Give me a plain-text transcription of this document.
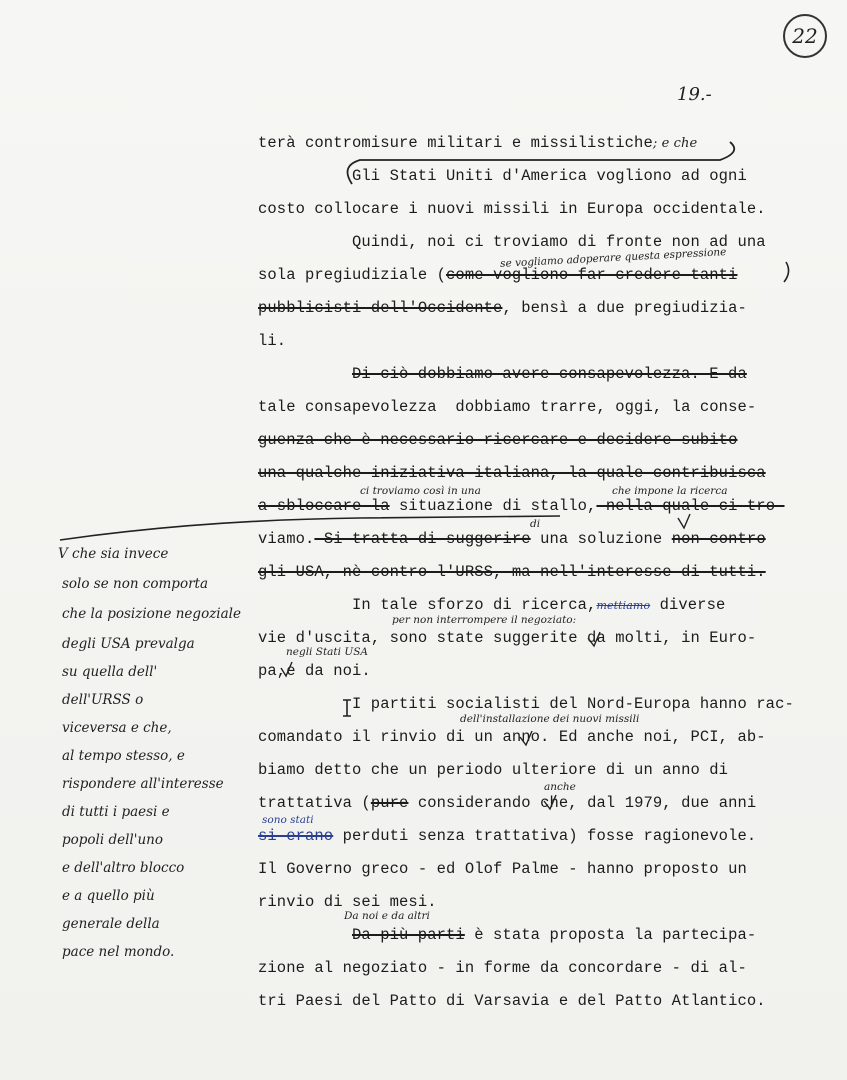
22
19.-
terà contromisure militari e missilistiche; e che
Gli Stati Uniti d'America vogliono ad ogni
costo collocare i nuovi missili in Europa occidentale.
Quindi, noi ci troviamo di fronte non ad una
se vogliamo adoperare questa espressione
sola pregiudiziale (come vogliono far credere tanti
pubblicisti dell'Occidente, bensì a due pregiudizia-
li.
Di ciò dobbiamo avere consapevolezza. E da
tale consapevolezza  dobbiamo trarre, oggi, la conse-
guenza che è necessario ricercare e decidere subito
una qualche iniziativa italiana, la quale contribuisca
ci troviamo così in una	che impone la ricerca
a sbloccare la situazione di stallo, nella quale ci tro-
di
viamo. Si tratta di suggerire una soluzione non contro
gli USA, nè contro l'URSS, ma nell'interesse di tutti.
In tale sforzo di ricerca,mettiamo diverse
per non interrompere il negoziato:
vie d'uscita, sono state suggerite da molti, in Euro-
negli Stati USA
pa,e da noi.
I partiti socialisti del Nord-Europa hanno rac-
dell'installazione dei nuovi missili
comandato il rinvio di un anno. Ed anche noi, PCI, ab-
biamo detto che un periodo ulteriore di un anno di
anche
trattativa (pure considerando che, dal 1979, due anni
sono stati
si erano perduti senza trattativa) fosse ragionevole.
Il Governo greco - ed Olof Palme - hanno proposto un
rinvio di sei mesi.
Da noi e da altri
Da più parti è stata proposta la partecipa-
zione al negoziato - in forme da concordare - di al-
tri Paesi del Patto di Varsavia e del Patto Atlantico.
V che sia invece
solo se non comporta
che la posizione negoziale
degli USA prevalga
su quella dell'
dell'URSS o
viceversa e che,
al tempo stesso, e
rispondere all'interesse
di tutti i paesi e
popoli dell'uno
e dell'altro blocco
e a quello più
generale della
pace nel mondo.
